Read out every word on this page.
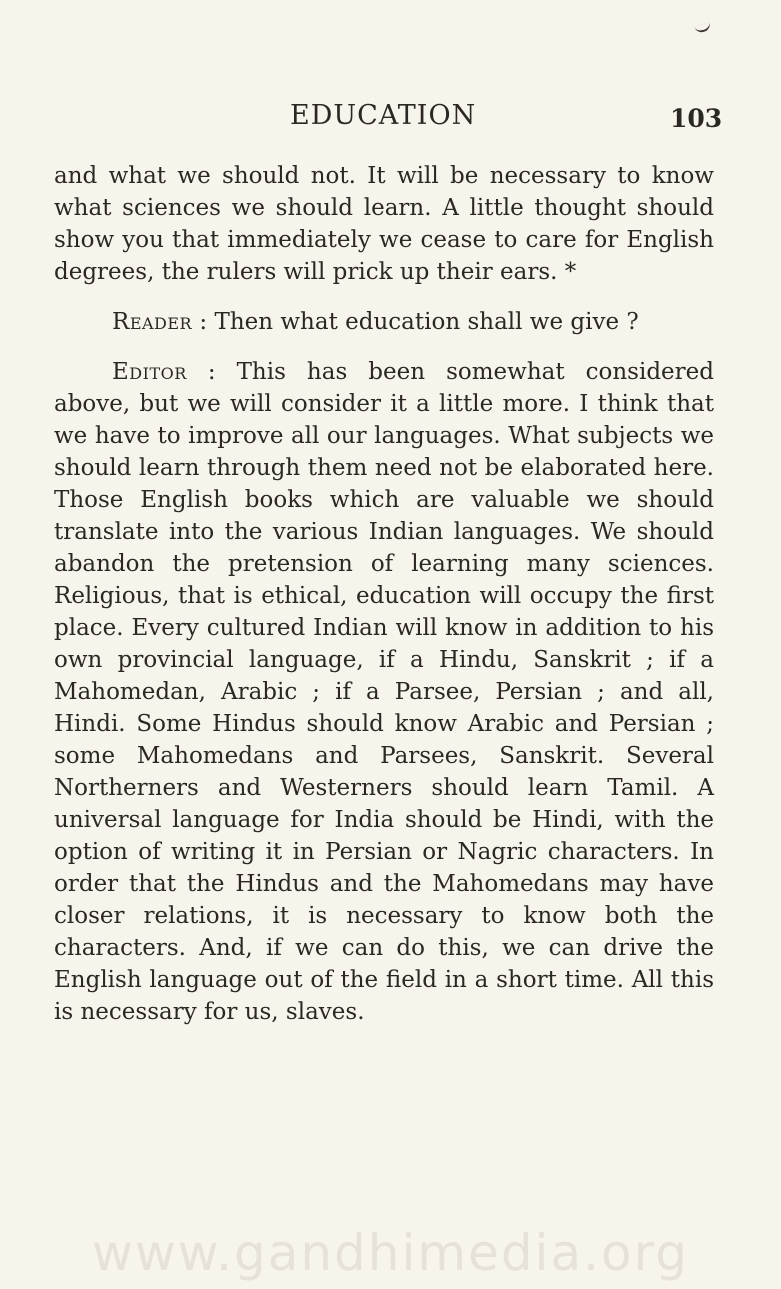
EDUCATION	103

and what we should not. It will be necessary to know what sciences we should learn. A little thought should show you that immediately we cease to care for English degrees, the rulers will prick up their ears. *

Reader : Then what education shall we give ?

Editor : This has been somewhat considered above, but we will consider it a little more. I think that we have to improve all our languages. What subjects we should learn through them need not be elaborated here. Those English books which are valuable we should translate into the various Indian languages. We should abandon the pretension of learning many sciences. Religious, that is ethical, education will occupy the first place. Every cultured Indian will know in addition to his own provincial language, if a Hindu, Sanskrit ; if a Mahomedan, Arabic ; if a Parsee, Persian ; and all, Hindi. Some Hindus should know Arabic and Persian ; some Mahomedans and Parsees, Sanskrit. Several Northerners and Westerners should learn Tamil. A universal language for India should be Hindi, with the option of writing it in Persian or Nagric characters. In order that the Hindus and the Mahomedans may have closer relations, it is necessary to know both the characters. And, if we can do this, we can drive the English language out of the field in a short time. All this is necessary for us, slaves.

www.gandhimedia.org
